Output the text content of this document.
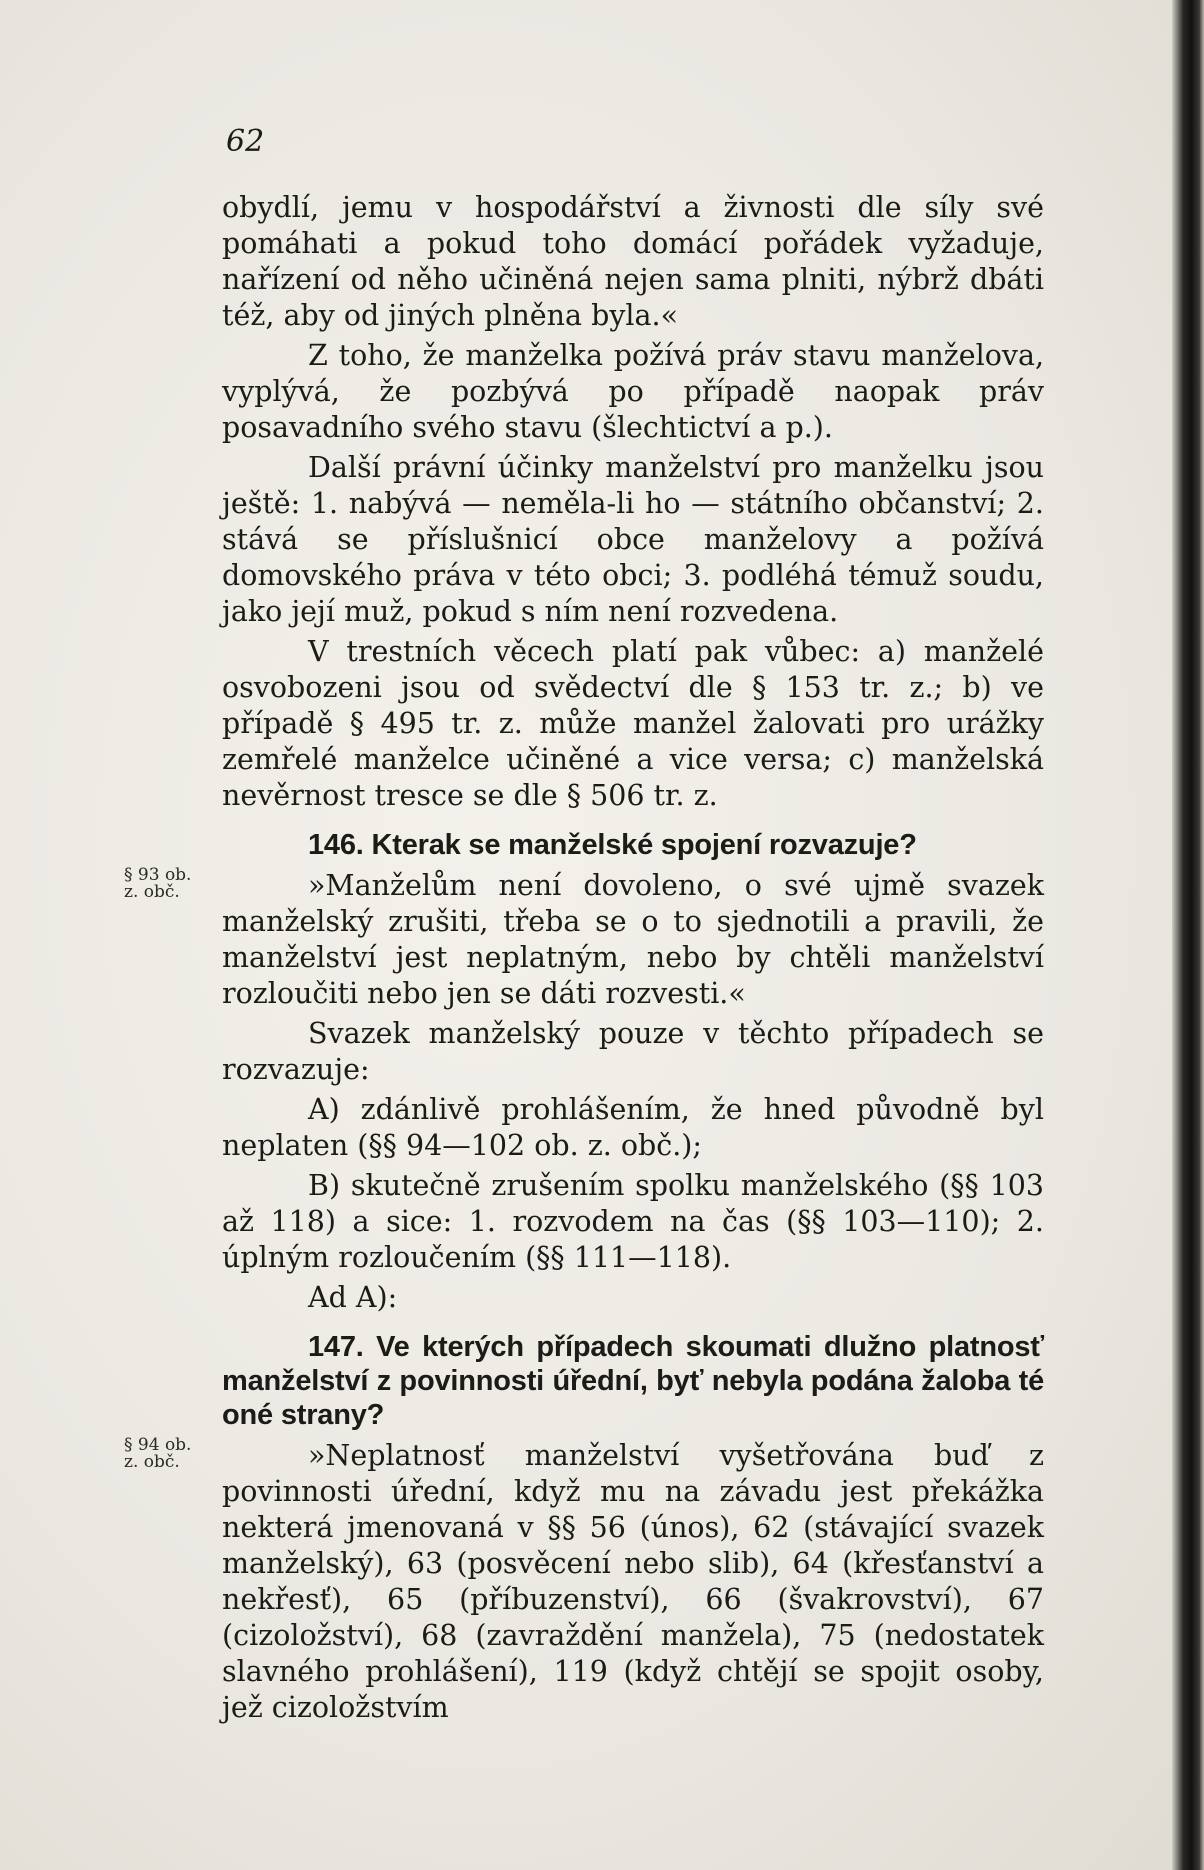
62
§ 93 ob.
z. obč.
§ 94 ob.
z. obč.

obydlí, jemu v hospodářství a živnosti dle síly své pomáhati a pokud toho domácí pořádek vyžaduje, nařízení od něho učiněná nejen sama plniti, nýbrž dbáti též, aby od jiných plněna byla.«

Z toho, že manželka požívá práv stavu manželova, vyplývá, že pozbývá po případě naopak práv posavadního svého stavu (šlechtictví a p.).

Další právní účinky manželství pro manželku jsou ještě: 1. nabývá — neměla-li ho — státního občanství; 2. stává se příslušnicí obce manželovy a požívá domovského práva v této obci; 3. podléhá témuž soudu, jako její muž, pokud s ním není rozvedena.

V trestních věcech platí pak vůbec: a) manželé osvobozeni jsou od svědectví dle § 153 tr. z.; b) ve případě § 495 tr. z. může manžel žalovati pro urážky zemřelé manželce učiněné a vice versa; c) manželská nevěrnost tresce se dle § 506 tr. z.

146. Kterak se manželské spojení rozvazuje?

»Manželům není dovoleno, o své ujmě svazek manželský zrušiti, třeba se o to sjednotili a pravili, že manželství jest neplatným, nebo by chtěli manželství rozloučiti nebo jen se dáti rozvesti.«

Svazek manželský pouze v těchto případech se rozvazuje:

A) zdánlivě prohlášením, že hned původně byl neplaten (§§ 94—102 ob. z. obč.);

B) skutečně zrušením spolku manželského (§§ 103 až 118) a sice: 1. rozvodem na čas (§§ 103—110); 2. úplným rozloučením (§§ 111—118).

Ad A):

147. Ve kterých případech skoumati dlužno platnosť manželství z povinnosti úřední, byť nebyla podána žaloba té oné strany?

»Neplatnosť manželství vyšetřována buď z povinnosti úřední, když mu na závadu jest překážka nekterá jmenovaná v §§ 56 (únos), 62 (stávající svazek manželský), 63 (posvěcení nebo slib), 64 (křesťanství a nekřesť), 65 (příbuzenství), 66 (švakrovství), 67 (cizoložství), 68 (zavraždění manžela), 75 (nedostatek slavného prohlášení), 119 (když chtějí se spojit osoby, jež cizoložstvím
